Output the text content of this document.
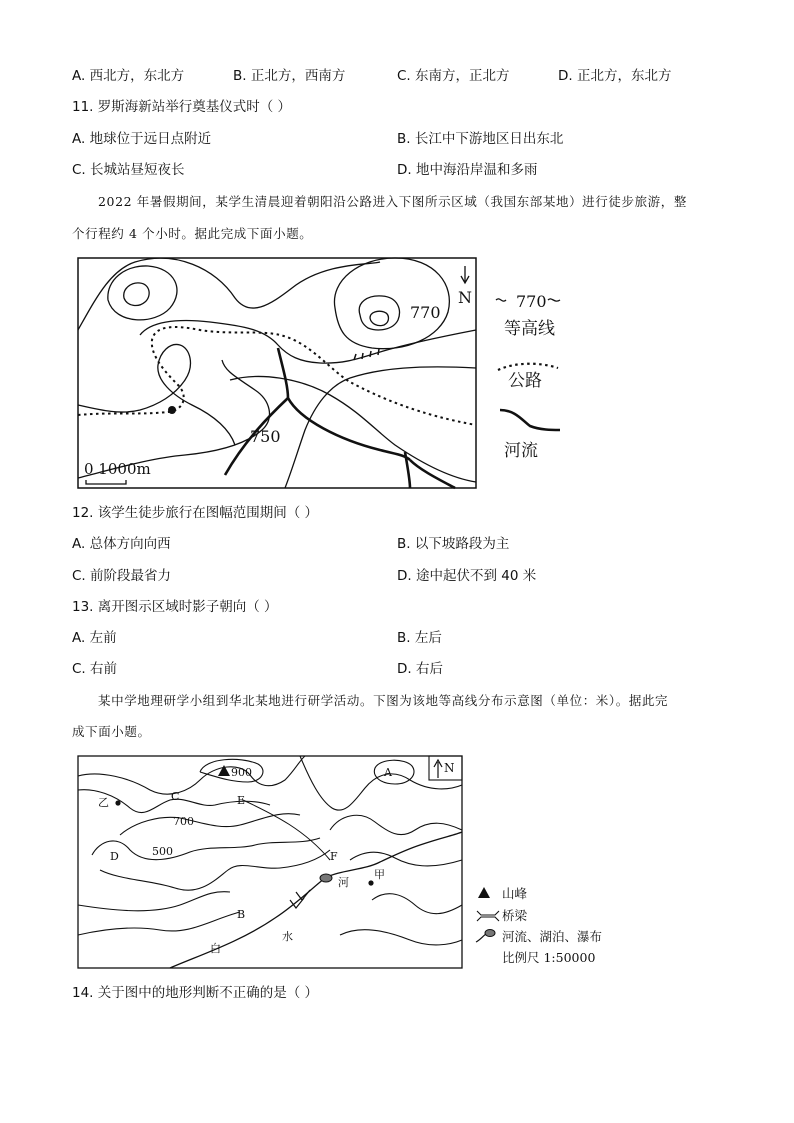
A. 西北方，东北方	B. 正北方，西南方	C. 东南方，正北方	D. 正北方，东北方
11. 罗斯海新站举行奠基仪式时（ ）
A. 地球位于远日点附近	B. 长江中下游地区日出东北
C. 长城站昼短夜长	D. 地中海沿岸温和多雨
2022 年暑假期间，某学生清晨迎着朝阳沿公路进入下图所示区域（我国东部某地）进行徒步旅游，整
个行程约 4 个小时。据此完成下面小题。
N
770
750
0 1000m
770
等高线
公路
河流
12. 该学生徒步旅行在图幅范围期间（ ）
A. 总体方向向西	B. 以下坡路段为主
C. 前阶段最省力	D. 途中起伏不到 40 米
13. 离开图示区域时影子朝向（ ）
A. 左前	B. 左后
C. 右前	D. 右后
某中学地理研学小组到华北某地进行研学活动。下图为该地等高线分布示意图（单位：米）。据此完
成下面小题。
900
C	E
700
500
D
乙
F
A
B
白
水
河
甲
N
山峰
桥梁
河流、湖泊、瀑布
比例尺 1:50000
14. 关于图中的地形判断不正确的是（ ）
